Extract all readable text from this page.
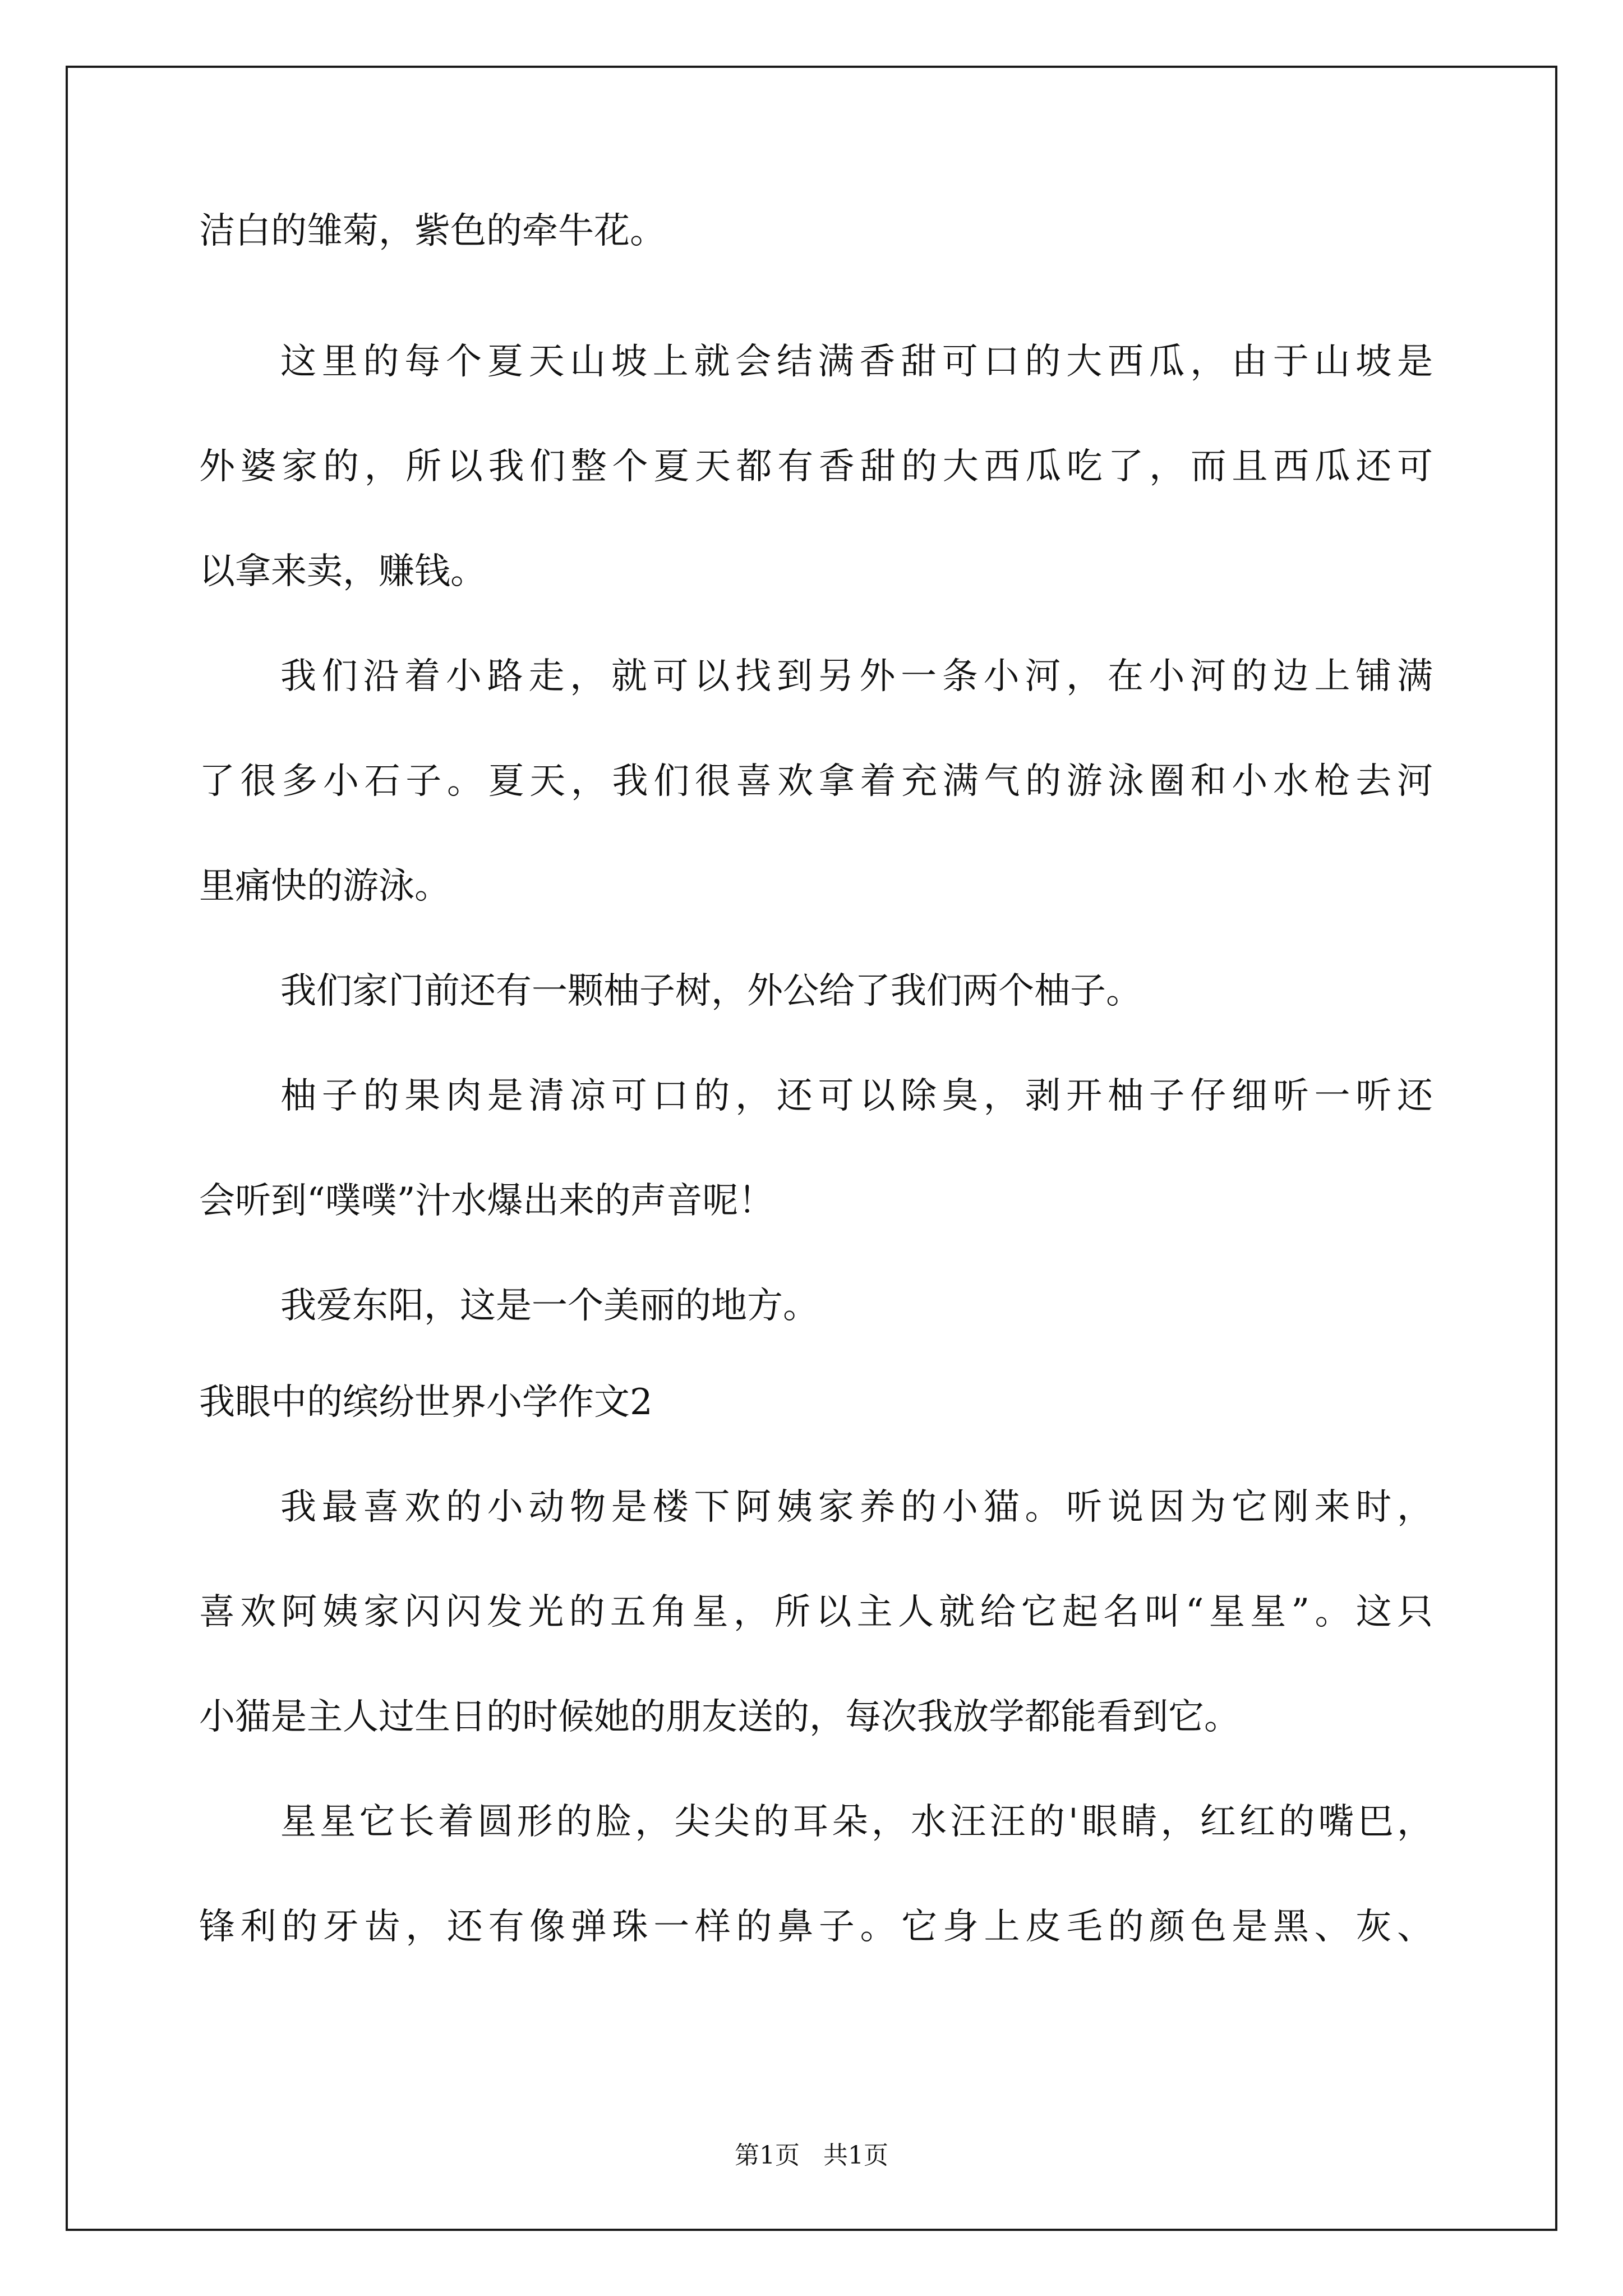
洁白的雏菊，紫色的牵牛花。
这里的每个夏天山坡上就会结满香甜可口的大西瓜，由于山坡是
外婆家的，所以我们整个夏天都有香甜的大西瓜吃了，而且西瓜还可
以拿来卖，赚钱。
我们沿着小路走，就可以找到另外一条小河，在小河的边上铺满
了很多小石子。夏天，我们很喜欢拿着充满气的游泳圈和小水枪去河
里痛快的游泳。
我们家门前还有一颗柚子树，外公给了我们两个柚子。
柚子的果肉是清凉可口的，还可以除臭，剥开柚子仔细听一听还
会听到“噗噗”汁水爆出来的声音呢！
我爱东阳，这是一个美丽的地方。
我眼中的缤纷世界小学作文2
我最喜欢的小动物是楼下阿姨家养的小猫。听说因为它刚来时，
喜欢阿姨家闪闪发光的五角星，所以主人就给它起名叫“星星”。这只
小猫是主人过生日的时候她的朋友送的，每次我放学都能看到它。
星星它长着圆形的脸，尖尖的耳朵，水汪汪的'眼睛，红红的嘴巴，
锋利的牙齿，还有像弹珠一样的鼻子。它身上皮毛的颜色是黑、灰、
第1页   共1页
